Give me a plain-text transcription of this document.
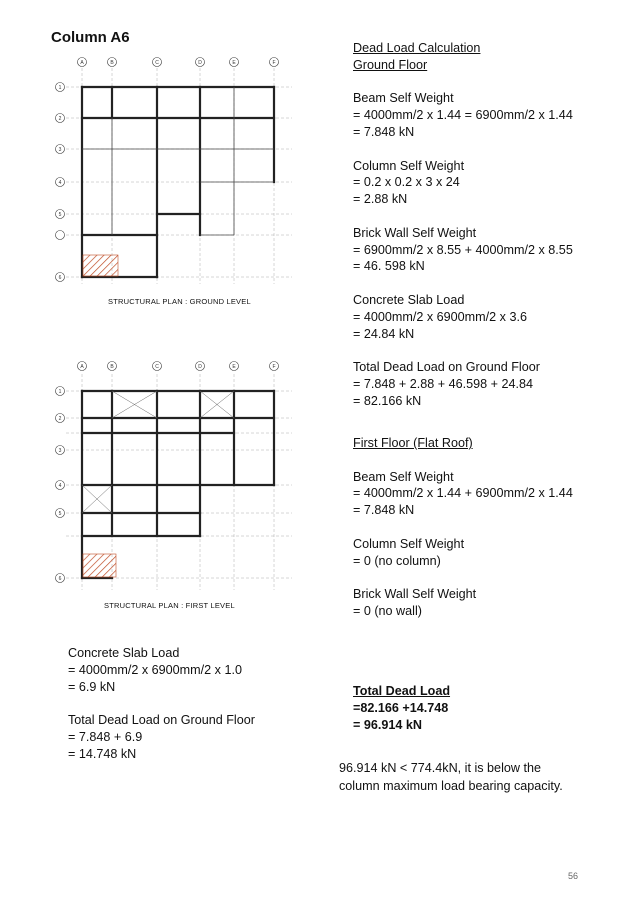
Column A6
A	B	C	D	E	F
1
2
3
4
5
6
STRUCTURAL PLAN : GROUND LEVEL
A	B	C	D	E	F
1
2
3
4
5
6
STRUCTURAL PLAN : FIRST LEVEL
Dead Load Calculation
Ground Floor
Beam Self Weight
= 4000mm/2 x 1.44 = 6900mm/2 x 1.44
= 7.848 kN
Column Self Weight
= 0.2 x 0.2 x 3 x 24
= 2.88 kN
Brick Wall Self Weight
= 6900mm/2 x 8.55 + 4000mm/2 x 8.55
= 46. 598 kN
Concrete Slab Load
= 4000mm/2 x 6900mm/2 x 3.6
= 24.84 kN
Total Dead Load on Ground Floor
= 7.848 + 2.88 + 46.598 + 24.84
= 82.166 kN
First Floor (Flat Roof)
Beam Self Weight
= 4000mm/2 x 1.44 + 6900mm/2 x 1.44
= 7.848 kN
Column Self Weight
= 0 (no column)
Brick Wall Self Weight
= 0 (no wall)
Concrete Slab Load
= 4000mm/2 x 6900mm/2 x 1.0
= 6.9 kN
Total Dead Load on Ground Floor
= 7.848 + 6.9
= 14.748 kN
Total Dead Load
=82.166 +14.748
= 96.914 kN
96.914 kN < 774.4kN, it is below the
column maximum load bearing capacity.
56
